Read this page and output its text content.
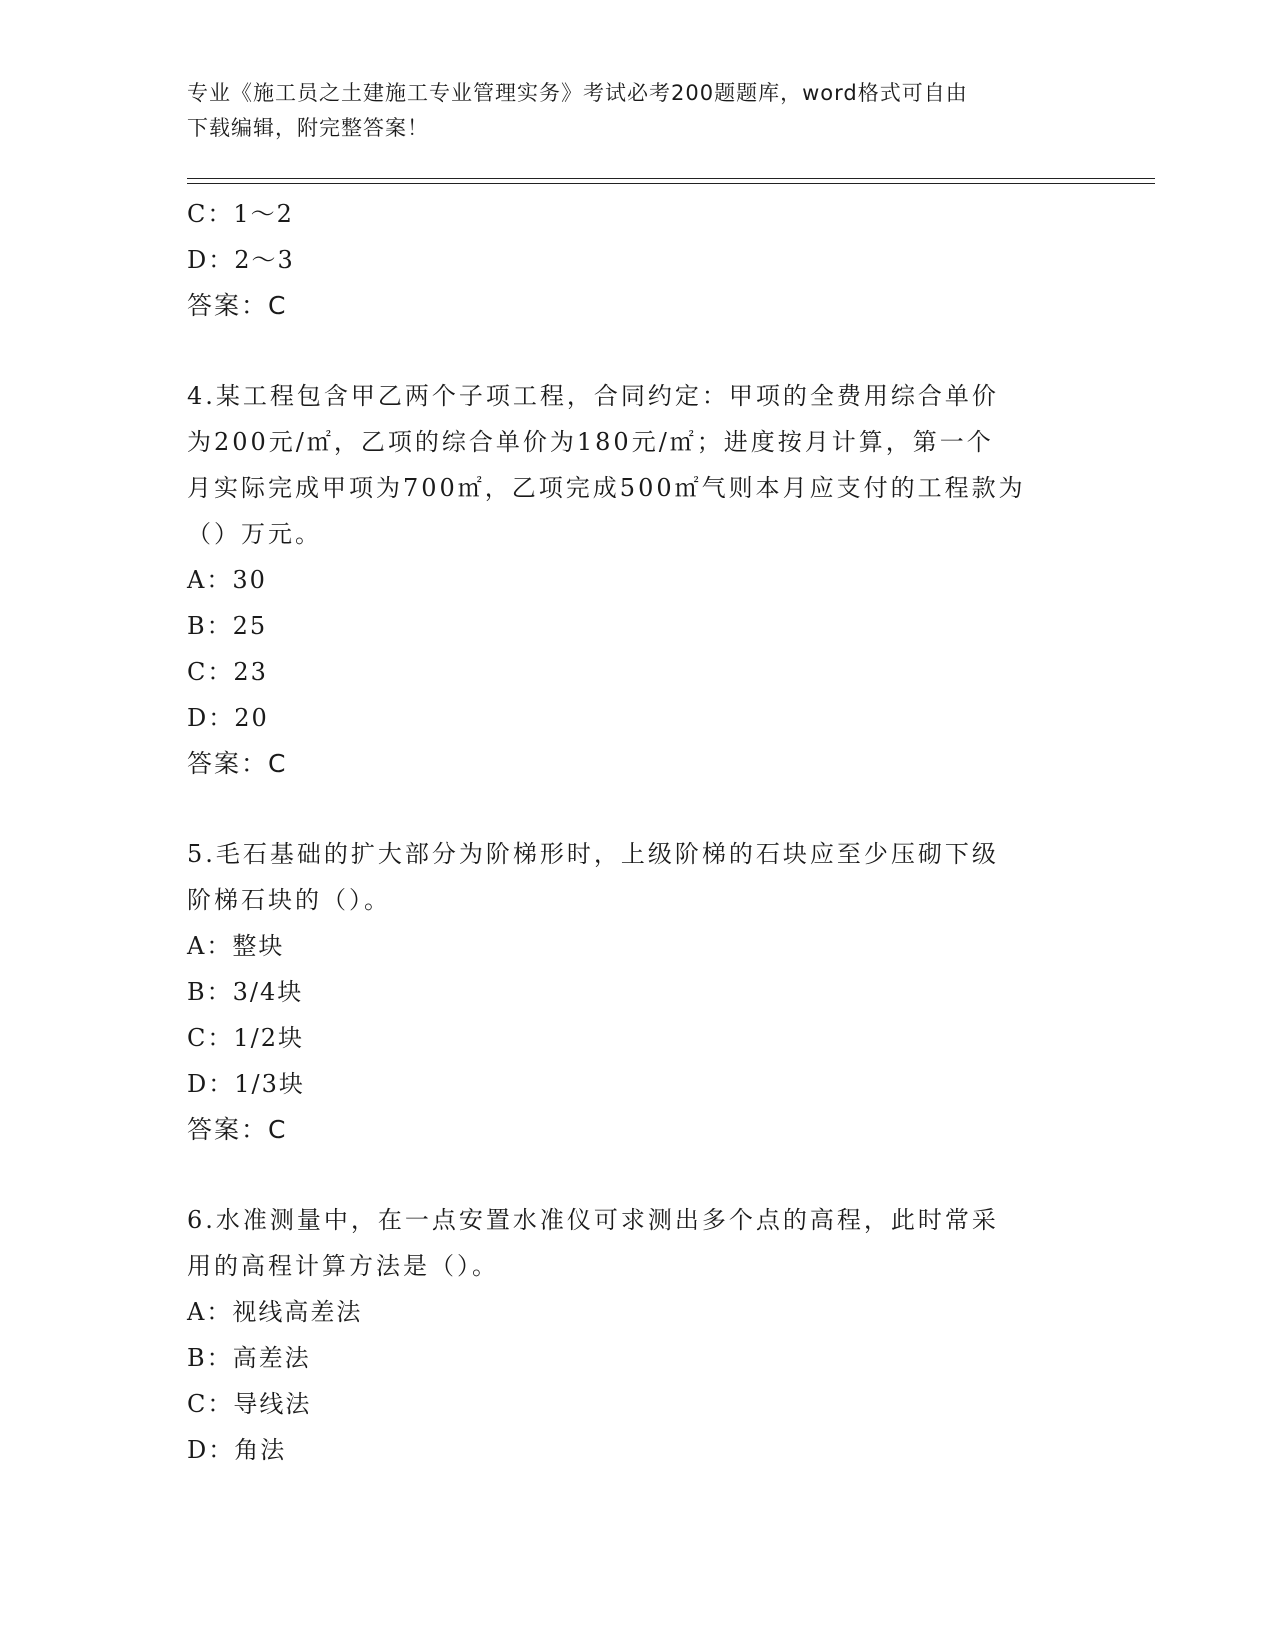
专业《施工员之土建施工专业管理实务》考试必考200题题库，word格式可自由
下载编辑，附完整答案！
C：1～2
D：2～3
答案：C
4.某工程包含甲乙两个子项工程，合同约定：甲项的全费用综合单价
为200元/㎡，乙项的综合单价为180元/㎡；进度按月计算，第一个
月实际完成甲项为700㎡，乙项完成500㎡气则本月应支付的工程款为
（）万元。
A：30
B：25
C：23
D：20
答案：C
5.毛石基础的扩大部分为阶梯形时，上级阶梯的石块应至少压砌下级
阶梯石块的（）。
A：整块
B：3/4块
C：1/2块
D：1/3块
答案：C
6.水准测量中，在一点安置水准仪可求测出多个点的高程，此时常采
用的高程计算方法是（）。
A：视线高差法
B：高差法
C：导线法
D：角法
